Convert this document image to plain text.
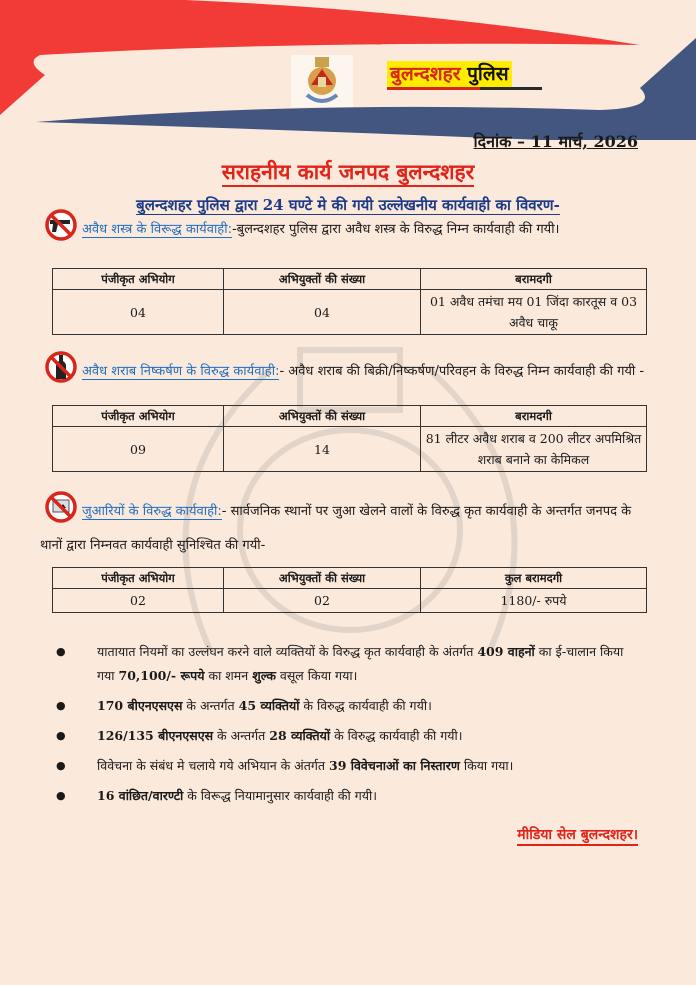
बुलन्दशहर पुलिस
दिनांक – 11 मार्च, 2026
सराहनीय कार्य जनपद बुलन्दशहर
बुलन्दशहर पुलिस द्वारा 24 घण्टे मे की गयी उल्लेखनीय कार्यवाही का विवरण-
अवैध शस्त्र के विरूद्ध कार्यवाही:-बुलन्दशहर पुलिस द्वारा अवैध शस्त्र के विरुद्ध निम्न कार्यवाही की गयी।
पंजीकृत अभियोग	अभियुक्तों की संख्या	बरामदगी
04	04	01 अवैध तमंचा मय 01 जिंदा कारतूस व 03 अवैध चाकू
अवैध शराब निष्कर्षण के विरुद्ध कार्यवाही:- अवैध शराब की बिक्री/निष्कर्षण/परिवहन के विरुद्ध निम्न कार्यवाही की गयी -
पंजीकृत अभियोग	अभियुक्तों की संख्या	बरामदगी
09	14	81 लीटर अवैध शराब व 200 लीटर अपमिश्रित शराब बनाने का केमिकल
जुआरियों के विरुद्ध कार्यवाही:- सार्वजनिक स्थानों पर जुआ खेलने वालों के विरुद्ध कृत कार्यवाही के अन्तर्गत जनपद के थानों द्वारा निम्नवत कार्यवाही सुनिश्चित की गयी-
पंजीकृत अभियोग	अभियुक्तों की संख्या	कुल बरामदगी
02	02	1180/- रुपये
● यातायात नियमों का उल्लंघन करने वाले व्यक्तियों के विरुद्ध कृत कार्यवाही के अंतर्गत 409 वाहनों का ई-चालान किया गया 70,100/- रूपये का शमन शुल्क वसूल किया गया।
● 170 बीएनएसएस के अन्तर्गत 45 व्यक्तियों के विरुद्ध कार्यवाही की गयी।
● 126/135 बीएनएसएस के अन्तर्गत 28 व्यक्तियों के विरुद्ध कार्यवाही की गयी।
● विवेचना के संबंध मे चलाये गये अभियान के अंतर्गत 39 विवेचनाओं का निस्तारण किया गया।
● 16 वांछित/वारण्टी के विरूद्ध नियामानुसार कार्यवाही की गयी।
मीडिया सेल बुलन्दशहर।
